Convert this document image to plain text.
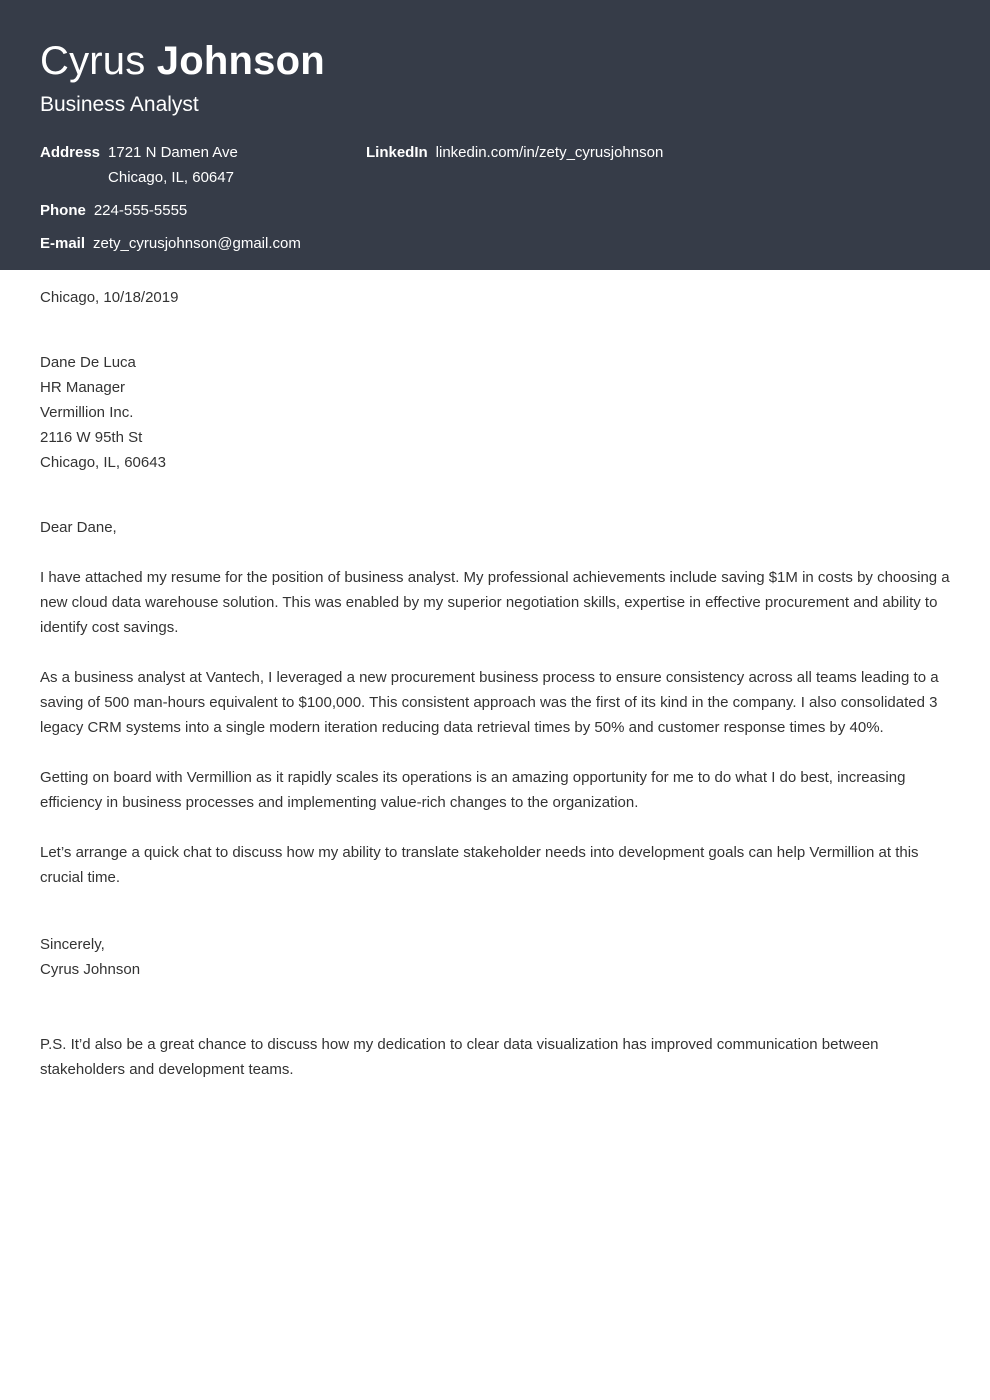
Cyrus Johnson
Business Analyst
Address 1721 N Damen Ave
Chicago, IL, 60647
Phone 224-555-5555
E-mail zety_cyrusjohnson@gmail.com
LinkedIn linkedin.com/in/zety_cyrusjohnson
Chicago, 10/18/2019
Dane De Luca
HR Manager
Vermillion Inc.
2116 W 95th St
Chicago, IL, 60643
Dear Dane,

I have attached my resume for the position of business analyst. My professional achievements include saving $1M in costs by choosing a new cloud data warehouse solution. This was enabled by my superior negotiation skills, expertise in effective procurement and ability to identify cost savings.

As a business analyst at Vantech, I leveraged a new procurement business process to ensure consistency across all teams leading to a saving of 500 man-hours equivalent to $100,000. This consistent approach was the first of its kind in the company. I also consolidated 3 legacy CRM systems into a single modern iteration reducing data retrieval times by 50% and customer response times by 40%.

Getting on board with Vermillion as it rapidly scales its operations is an amazing opportunity for me to do what I do best, increasing efficiency in business processes and implementing value-rich changes to the organization.

Let’s arrange a quick chat to discuss how my ability to translate stakeholder needs into development goals can help Vermillion at this crucial time.

Sincerely,
Cyrus Johnson

P.S. It’d also be a great chance to discuss how my dedication to clear data visualization has improved communication between stakeholders and development teams.
